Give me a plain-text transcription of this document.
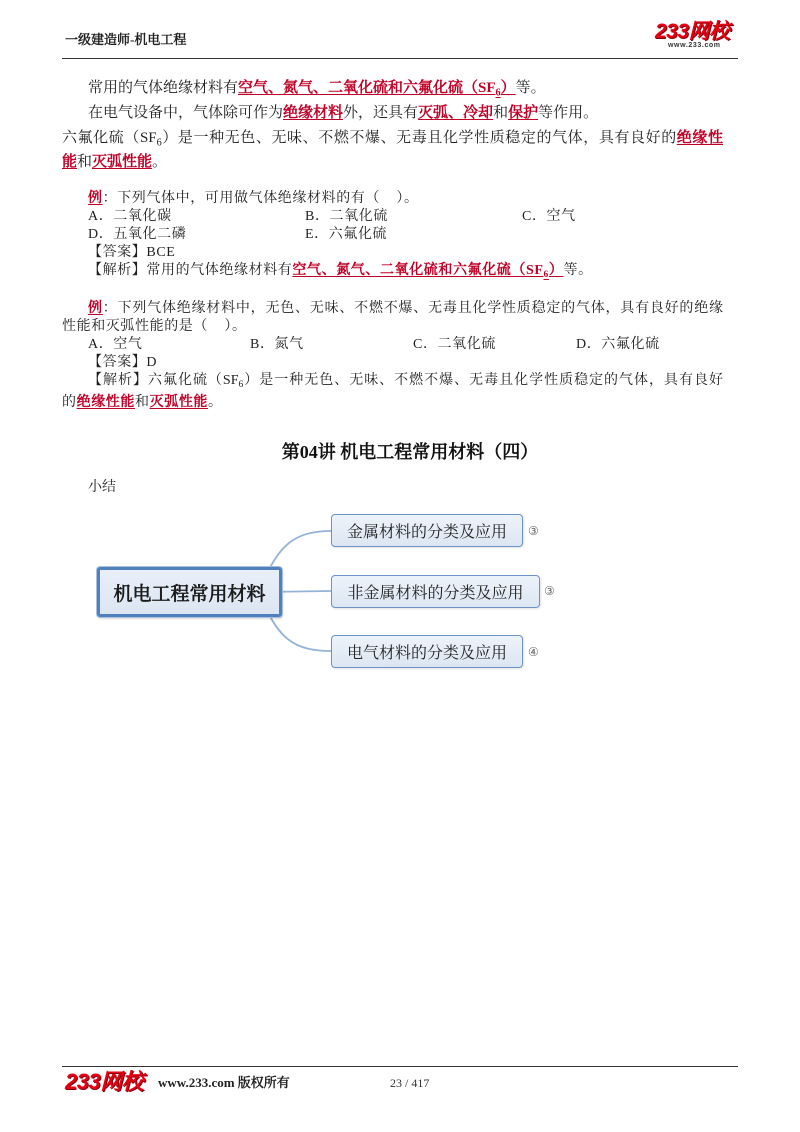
一级建造师-机电工程	233网校
www.233.com
常用的气体绝缘材料有空气、氮气、二氧化硫和六氟化硫$(SF_6)$等。
在电气设备中，气体除可作为绝缘材料外，还具有灭弧、冷却和保护等作用。
六氟化硫$(SF_6)$是一种无色、无味、不燃不爆、无毒且化学性质稳定的气体，具有良好的绝缘性
能和灭弧性能。
例：下列气体中，可用做气体绝缘材料的有（    ）。
A．二氧化碳	B．二氧化硫	C．空气
D．五氧化二磷	E．六氟化硫
【答案】BCE
【解析】常用的气体绝缘材料有空气、氮气、二氧化硫和六氟化硫$(SF_6)$等。
例：下列气体绝缘材料中，无色、无味、不燃不爆、无毒且化学性质稳定的气体，具有良好的绝缘
性能和灭弧性能的是（    ）。
A．空气	B．氮气	C．二氧化硫	D．六氟化硫
【答案】D
【解析】六氟化硫$(SF_6)$是一种无色、无味、不燃不爆、无毒且化学性质稳定的气体，具有良好
的绝缘性能和灭弧性能。
第04讲 机电工程常用材料（四）
小结
机电工程常用材料
金属材料的分类及应用 ③
非金属材料的分类及应用 ③
电气材料的分类及应用 ④
233网校 www.233.com 版权所有	23 / 417
